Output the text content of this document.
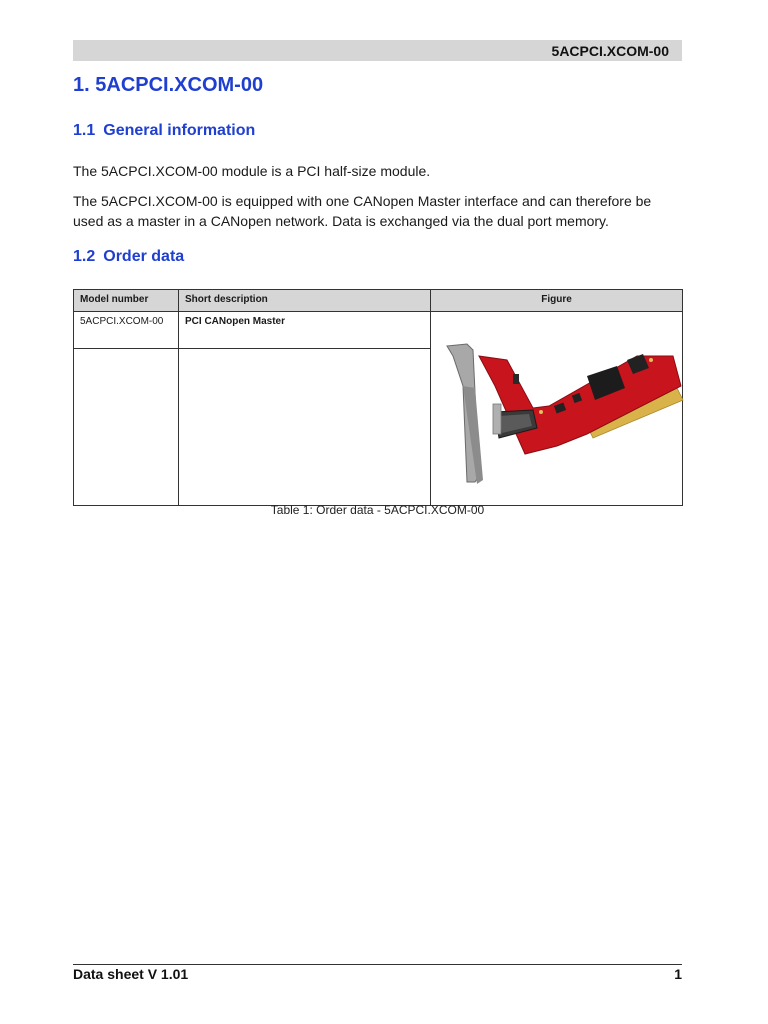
5ACPCI.XCOM-00
1. 5ACPCI.XCOM-00
1.1 General information

The 5ACPCI.XCOM-00 module is a PCI half-size module.

The 5ACPCI.XCOM-00 is equipped with one CANopen Master interface and can therefore be used as a master in a CANopen network. Data is exchanged via the dual port memory.

1.2 Order data
Model number	Short description	Figure
5ACPCI.XCOM-00	PCI CANopen Master	

Table 1: Order data - 5ACPCI.XCOM-00

Data sheet V 1.01	1
